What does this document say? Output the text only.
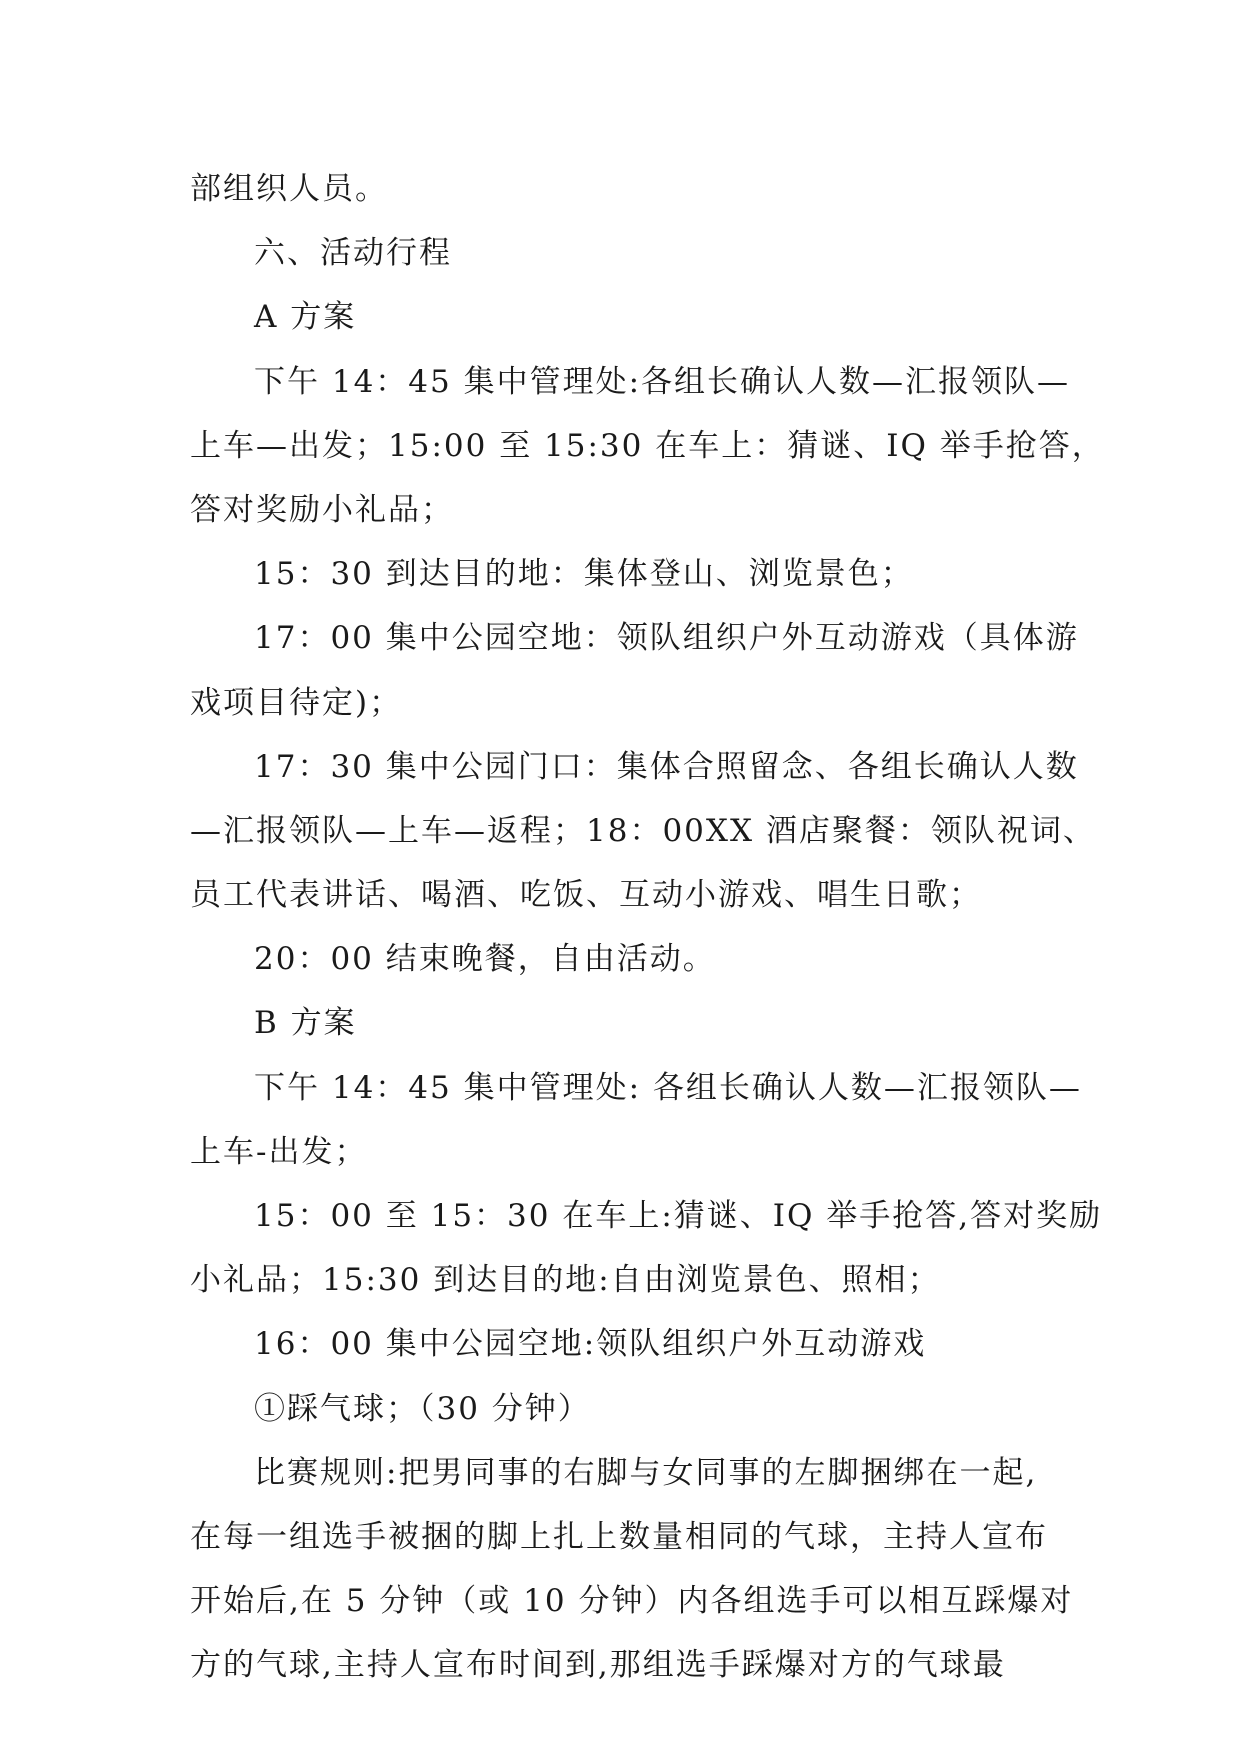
部组织人员。
六、活动行程
A 方案
下午 14：45 集中管理处:各组长确认人数—汇报领队—
上车—出发；15:00 至 15:30 在车上：猜谜、IQ 举手抢答，
答对奖励小礼品；
15：30 到达目的地：集体登山、浏览景色；
17：00 集中公园空地：领队组织户外互动游戏（具体游
戏项目待定)；
17：30 集中公园门口：集体合照留念、各组长确认人数
—汇报领队—上车—返程；18：00XX 酒店聚餐：领队祝词、
员工代表讲话、喝酒、吃饭、互动小游戏、唱生日歌；
20：00 结束晚餐，自由活动。
B 方案
下午 14：45 集中管理处: 各组长确认人数—汇报领队—
上车-出发；
15：00 至 15：30 在车上:猜谜、IQ 举手抢答,答对奖励
小礼品；15:30 到达目的地:自由浏览景色、照相；
16：00 集中公园空地:领队组织户外互动游戏
①踩气球；（30 分钟）
比赛规则:把男同事的右脚与女同事的左脚捆绑在一起,
在每一组选手被捆的脚上扎上数量相同的气球，主持人宣布
开始后,在 5 分钟（或 10 分钟）内各组选手可以相互踩爆对
方的气球,主持人宣布时间到,那组选手踩爆对方的气球最
